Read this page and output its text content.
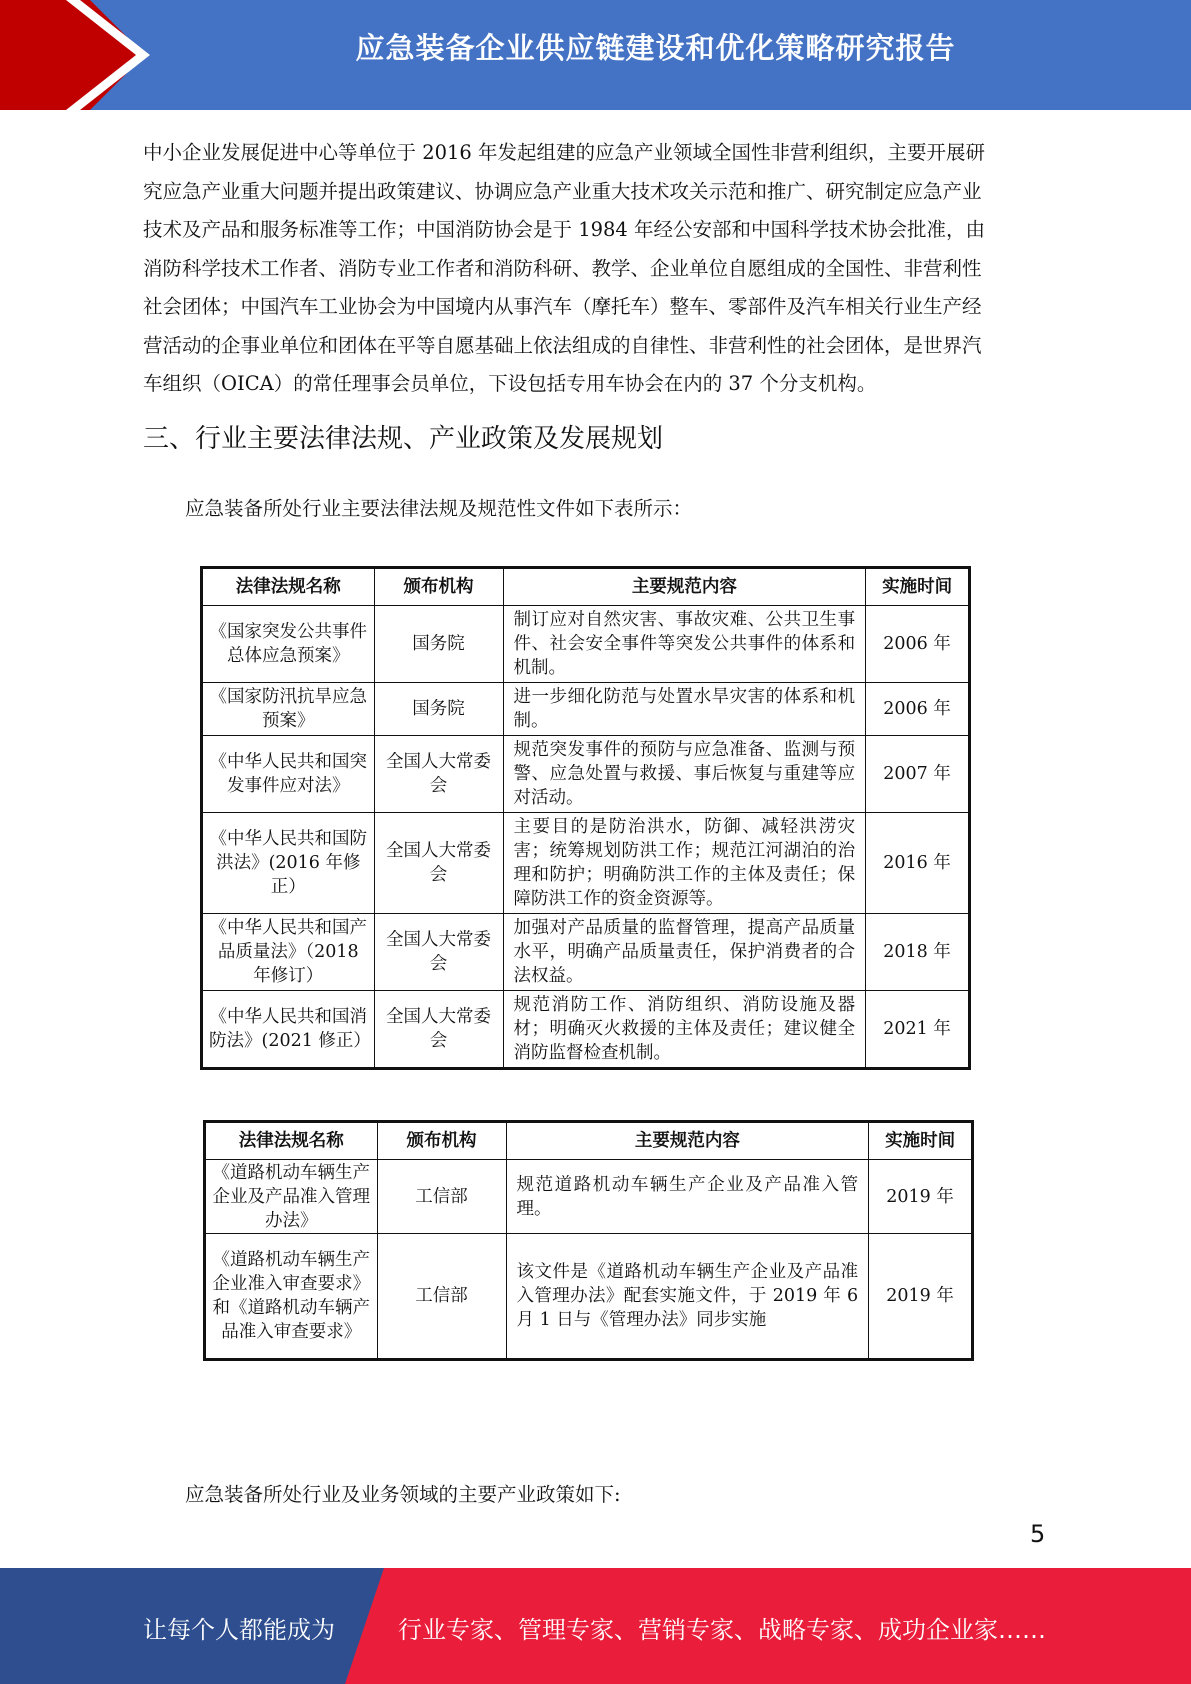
应急装备企业供应链建设和优化策略研究报告
中小企业发展促进中心等单位于 2016 年发起组建的应急产业领域全国性非营利组织，主要开展研
究应急产业重大问题并提出政策建议、协调应急产业重大技术攻关示范和推广、研究制定应急产业
技术及产品和服务标准等工作；中国消防协会是于 1984 年经公安部和中国科学技术协会批准，由
消防科学技术工作者、消防专业工作者和消防科研、教学、企业单位自愿组成的全国性、非营利性
社会团体；中国汽车工业协会为中国境内从事汽车（摩托车）整车、零部件及汽车相关行业生产经
营活动的企事业单位和团体在平等自愿基础上依法组成的自律性、非营利性的社会团体，是世界汽
车组织（OICA）的常任理事会员单位，下设包括专用车协会在内的 37 个分支机构。
三、行业主要法律法规、产业政策及发展规划
应急装备所处行业主要法律法规及规范性文件如下表所示：
法律法规名称	颁布机构	主要规范内容	实施时间
《国家突发公共事件总体应急预案》	国务院	制订应对自然灾害、事故灾难、公共卫生事件、社会安全事件等突发公共事件的体系和机制。	2006 年
《国家防汛抗旱应急预案》	国务院	进一步细化防范与处置水旱灾害的体系和机制。	2006 年
《中华人民共和国突发事件应对法》	全国人大常委会	规范突发事件的预防与应急准备、监测与预警、应急处置与救援、事后恢复与重建等应对活动。	2007 年
《中华人民共和国防洪法》(2016 年修正）	全国人大常委会	主要目的是防治洪水，防御、减轻洪涝灾害；统筹规划防洪工作；规范江河湖泊的治理和防护；明确防洪工作的主体及责任；保障防洪工作的资金资源等。	2016 年
《中华人民共和国产品质量法》（2018 年修订）	全国人大常委会	加强对产品质量的监督管理，提高产品质量水平，明确产品质量责任，保护消费者的合法权益。	2018 年
《中华人民共和国消防法》(2021 修正）	全国人大常委会	规范消防工作、消防组织、消防设施及器材；明确灭火救援的主体及责任；建议健全消防监督检查机制。	2021 年
法律法规名称	颁布机构	主要规范内容	实施时间
《道路机动车辆生产企业及产品准入管理办法》	工信部	规范道路机动车辆生产企业及产品准入管理。	2019 年
《道路机动车辆生产企业准入审查要求》和《道路机动车辆产品准入审查要求》	工信部	该文件是《道路机动车辆生产企业及产品准入管理办法》配套实施文件，于 2019 年 6 月 1 日与《管理办法》同步实施	2019 年
应急装备所处行业及业务领域的主要产业政策如下:
5
让每个人都能成为	行业专家、管理专家、营销专家、战略专家、成功企业家……
